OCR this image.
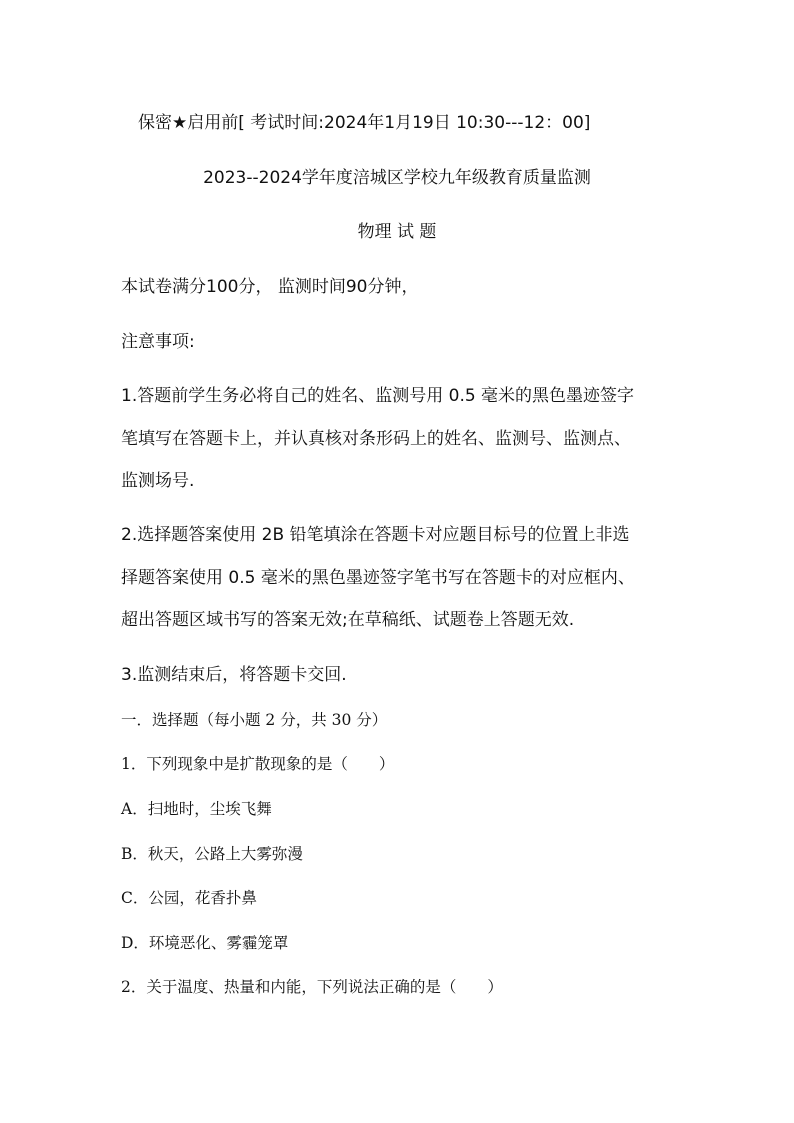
保密★启用前[ 考试时间:2024年1月19日 10:30---12：00]
2023--2024学年度涪城区学校九年级教育质量监测
物理 试 题
本试卷满分100分， 监测时间90分钟，
注意事项:
1.答题前学生务必将自己的姓名、监测号用 0.5 毫米的黑色墨迹签字
笔填写在答题卡上，并认真核对条形码上的姓名、监测号、监测点、
监测场号.
2.选择题答案使用 2B 铅笔填涂在答题卡对应题目标号的位置上非选
择题答案使用 0.5 毫米的黑色墨迹签字笔书写在答题卡的对应框内、
超出答题区域书写的答案无效;在草稿纸、试题卷上答题无效.
3.监测结束后，将答题卡交回.
一．选择题（每小题 2 分，共 30 分）
1．下列现象中是扩散现象的是（　　）
A．扫地时，尘埃飞舞
B．秋天，公路上大雾弥漫
C．公园，花香扑鼻
D．环境恶化、雾霾笼罩
2．关于温度、热量和内能，下列说法正确的是（　　）
